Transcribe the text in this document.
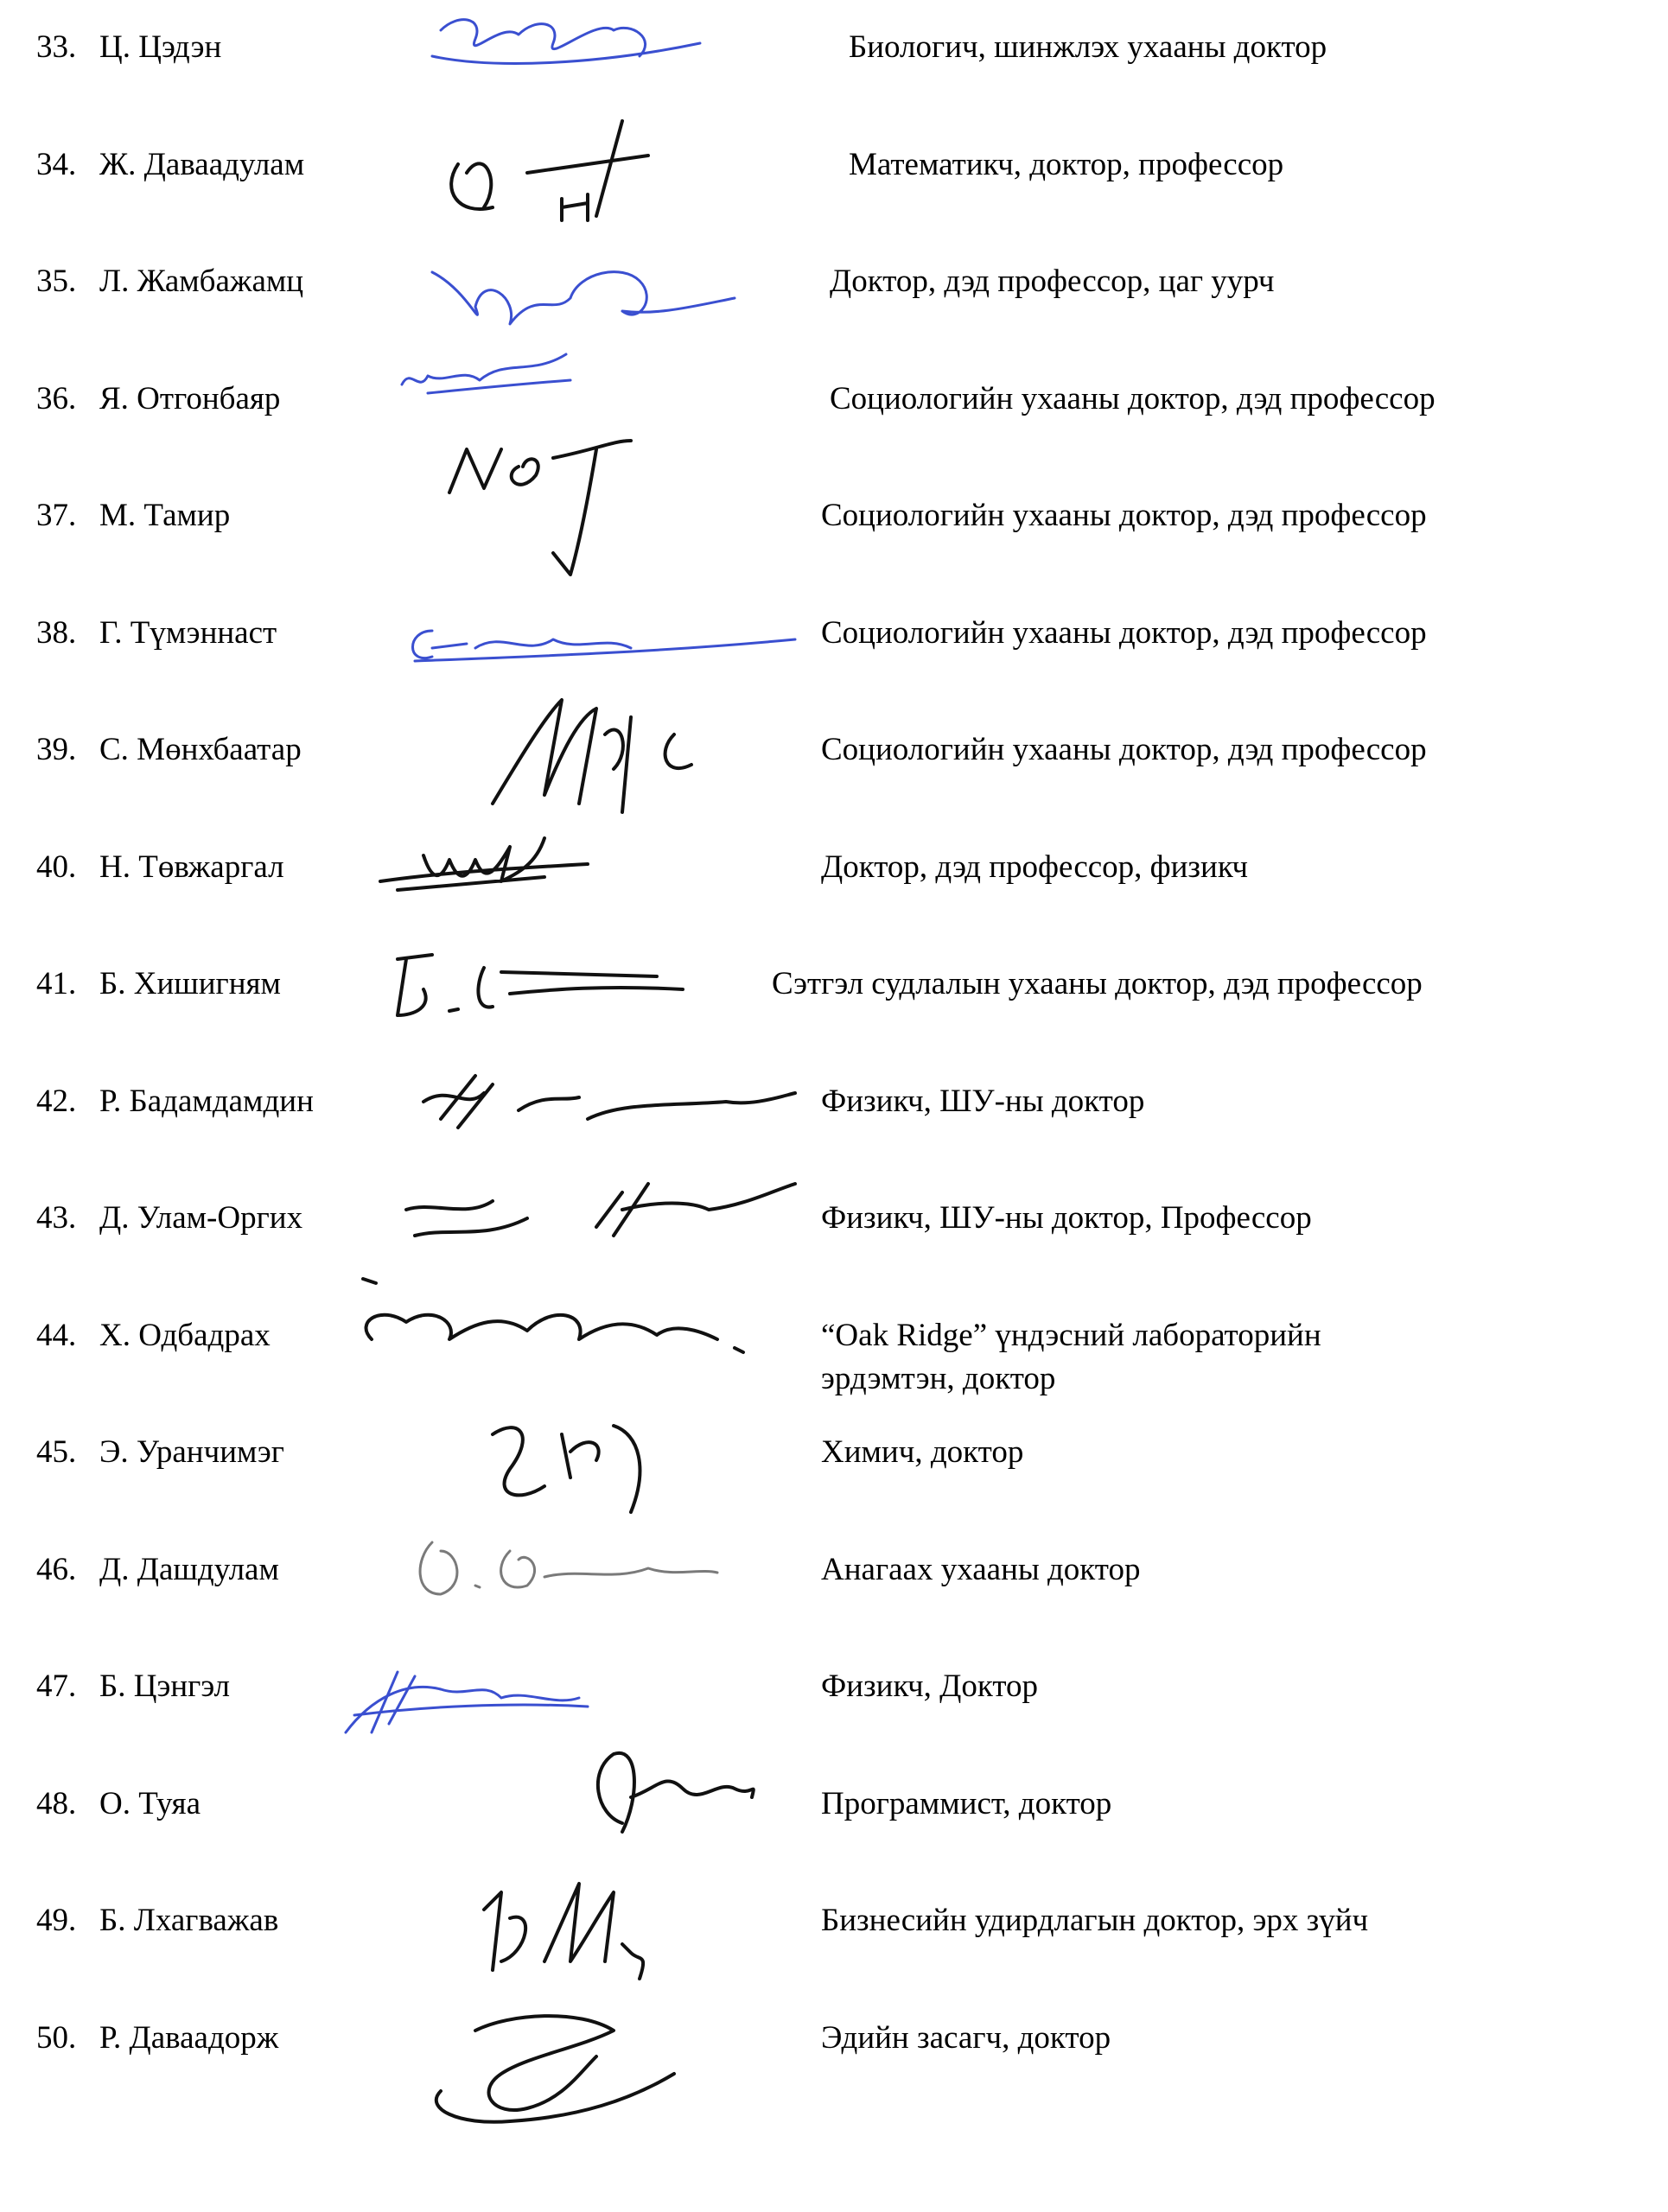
33. Ц. Цэдэн	Биологич, шинжлэх ухааны доктор
34. Ж. Даваадулам	Математикч, доктор, профессор
35. Л. Жамбажамц	Доктор, дэд профессор, цаг уурч
36. Я. Отгонбаяр	Социологийн ухааны доктор, дэд профессор
37. М. Тамир	Социологийн ухааны доктор, дэд профессор
38. Г. Түмэннаст	Социологийн ухааны доктор, дэд профессор
39. С. Мөнхбаатар	Социологийн ухааны доктор, дэд профессор
40. Н. Төвжаргал	Доктор, дэд профессор, физикч
41. Б. Хишигням	Сэтгэл судлалын ухааны доктор, дэд профессор
42. Р. Бадамдамдин	Физикч, ШУ-ны доктор
43. Д. Улам-Оргих	Физикч, ШУ-ны доктор, Профессор
44. Х. Одбадрах	“Oak Ridge” үндэсний лабораторийн
эрдэмтэн, доктор
45. Э. Уранчимэг	Химич, доктор
46. Д. Дашдулам	Анагаах ухааны доктор
47. Б. Цэнгэл	Физикч, Доктор
48. О. Туяа	Программист, доктор
49. Б. Лхагважав	Бизнесийн удирдлагын доктор, эрх зүйч
50. Р. Даваадорж	Эдийн засагч, доктор
